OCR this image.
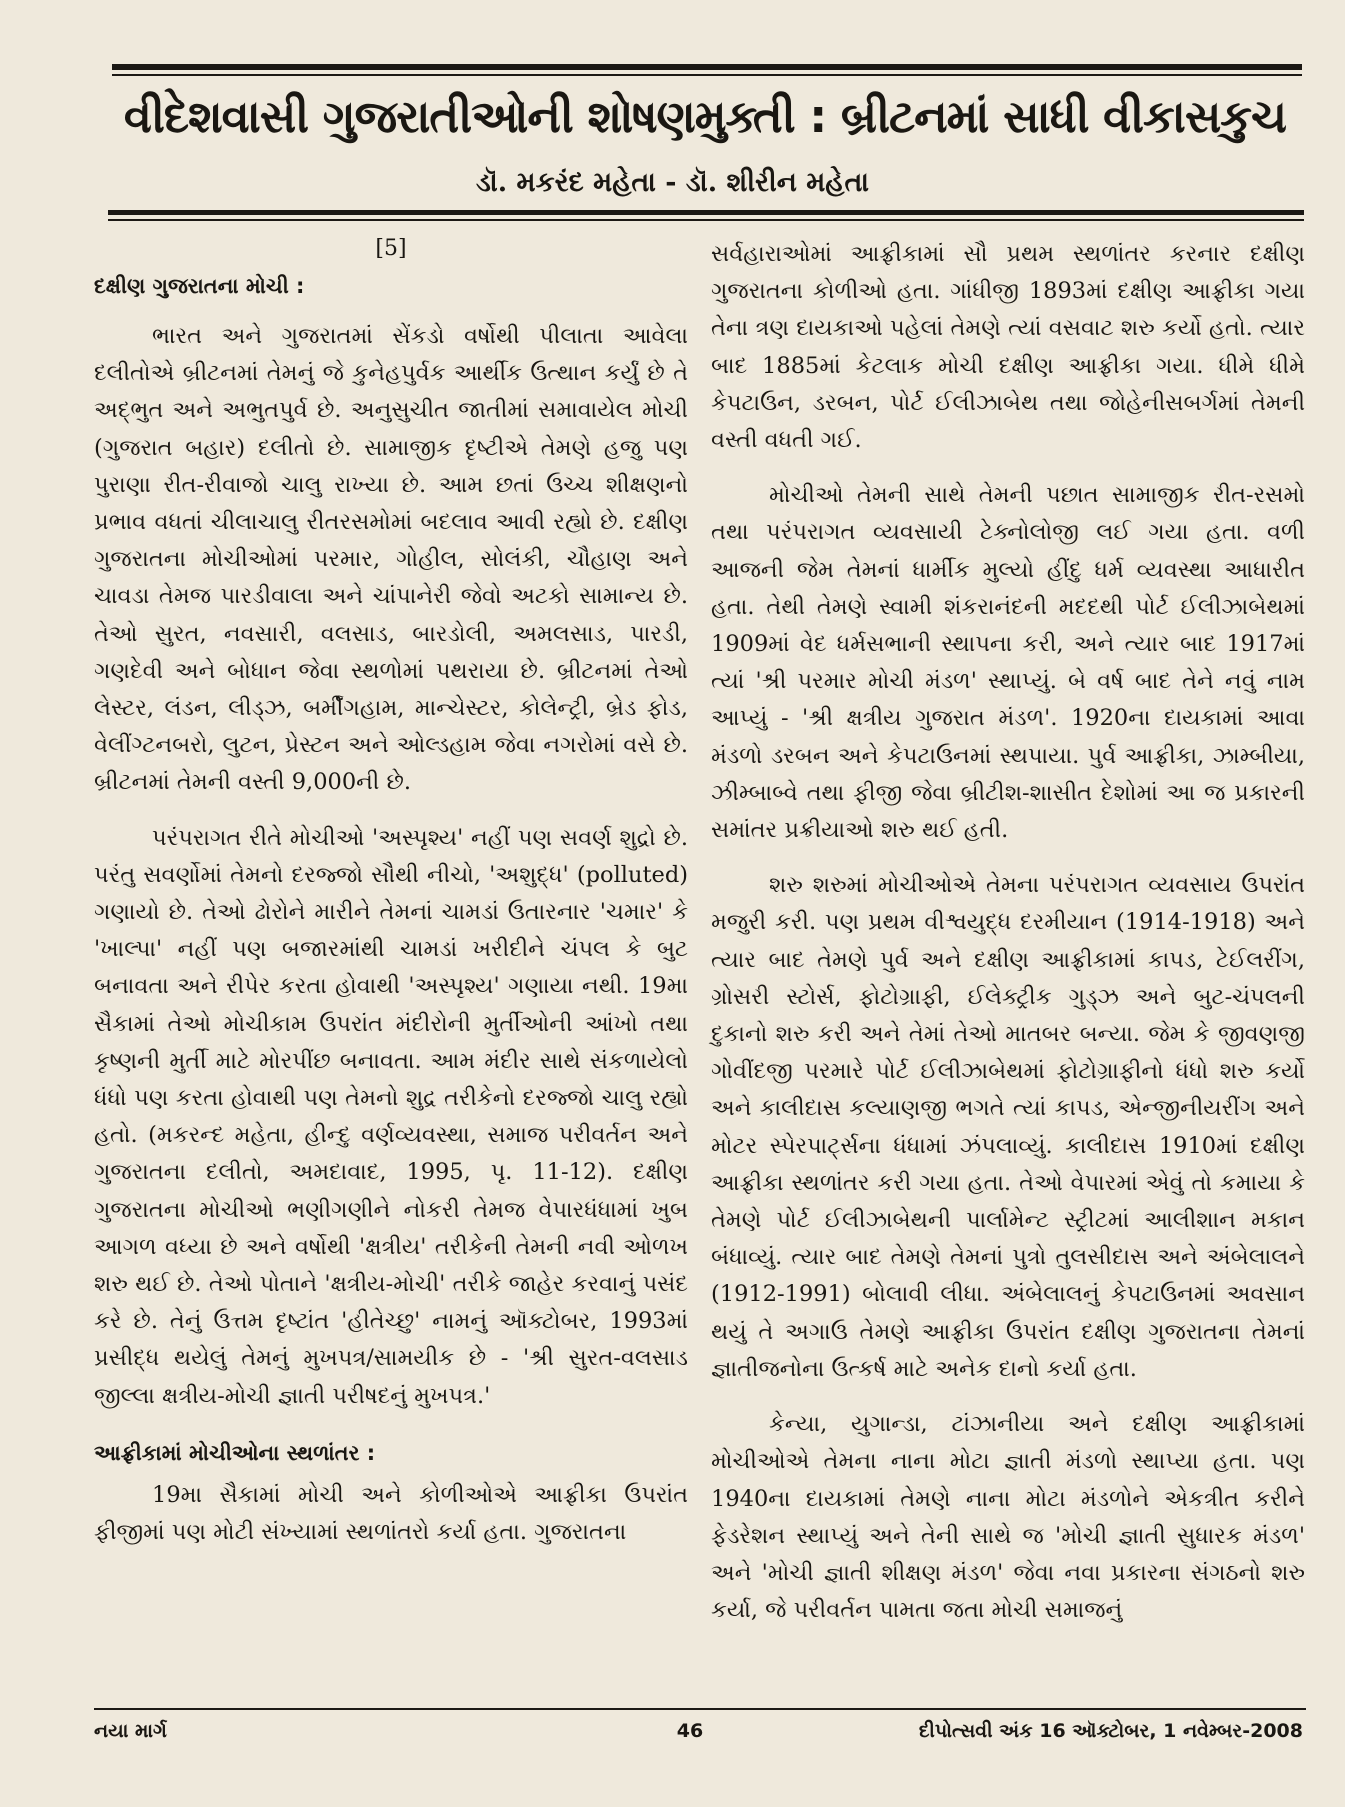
વીદેશવાસી ગુજરાતીઓની શોષણમુક્તી : બ્રીટનમાં સાધી વીકાસકુચ
ડૉ. મકરંદ મહેતા - ડૉ. શીરીન મહેતા
[5]
દક્ષીણ ગુજરાતના મોચી :

ભારત અને ગુજરાતમાં સેંકડો વર્ષોથી પીલાતા આવેલા દલીતોએ બ્રીટનમાં તેમનું જે કુનેહપુર્વક આર્થીક ઉત્થાન કર્યું છે તે અદ્ભુત અને અભુતપુર્વ છે. અનુસુચીત જાતીમાં સમાવાયેલ મોચી (ગુજરાત બહાર) દલીતો છે. સામાજીક દૃષ્ટીએ તેમણે હજુ પણ પુરાણા રીત-રીવાજો ચાલુ રાખ્યા છે. આમ છતાં ઉચ્ચ શીક્ષણનો પ્રભાવ વધતાં ચીલાચાલુ રીતરસમોમાં બદલાવ આવી રહ્યો છે. દક્ષીણ ગુજરાતના મોચીઓમાં પરમાર, ગોહીલ, સોલંકી, ચૌહાણ અને ચાવડા તેમજ પારડીવાલા અને ચાંપાનેરી જેવો અટકો સામાન્ય છે. તેઓ સુરત, નવસારી, વલસાડ, બારડોલી, અમલસાડ, પારડી, ગણદેવી અને બોધાન જેવા સ્થળોમાં પથરાયા છે. બ્રીટનમાં તેઓ લેસ્ટર, લંડન, લીડ્ઝ, બર્મીંગહામ, માન્ચેસ્ટર, કોલેન્ટ્રી, બ્રેડ ફોડ, વેલીંગ્ટનબરો, લુટન, પ્રેસ્ટન અને ઓલ્ડહામ જેવા નગરોમાં વસે છે. બ્રીટનમાં તેમની વસ્તી 9,000ની છે.

પરંપરાગત રીતે મોચીઓ 'અસ્પૃશ્ય' નહીં પણ સવર્ણ શુદ્રો છે. પરંતુ સવર્ણોમાં તેમનો દરજ્જો સૌથી નીચો, 'અશુદ્ધ' (polluted) ગણાયો છે. તેઓ ઢોરોને મારીને તેમનાં ચામડાં ઉતારનાર 'ચમાર' કે 'ખાલ્પા' નહીં પણ બજારમાંથી ચામડાં ખરીદીને ચંપલ કે બુટ બનાવતા અને રીપેર કરતા હોવાથી 'અસ્પૃશ્ય' ગણાયા નથી. 19મા સૈકામાં તેઓ મોચીકામ ઉપરાંત મંદીરોની મુર્તીઓની આંખો તથા કૃષ્ણની મુર્તી માટે મોરપીંછ બનાવતા. આમ મંદીર સાથે સંકળાયેલો ધંધો પણ કરતા હોવાથી પણ તેમનો શુદ્ર તરીકેનો દરજ્જો ચાલુ રહ્યો હતો. (મકરન્દ મહેતા, હીન્દુ વર્ણવ્યવસ્થા, સમાજ પરીવર્તન અને ગુજરાતના દલીતો, અમદાવાદ, 1995, પૃ. 11-12). દક્ષીણ ગુજરાતના મોચીઓ ભણીગણીને નોકરી તેમજ વેપારધંધામાં ખુબ આગળ વધ્યા છે અને વર્ષોથી 'ક્ષત્રીય' તરીકેની તેમની નવી ઓળખ શરુ થઈ છે. તેઓ પોતાને 'ક્ષત્રીય-મોચી' તરીકે જાહેર કરવાનું પસંદ કરે છે. તેનું ઉત્તમ દૃષ્ટાંત 'હીતેચ્છુ' નામનું ઑક્ટોબર, 1993માં પ્રસીદ્ધ થયેલું તેમનું મુખપત્ર/સામયીક છે - 'શ્રી સુરત-વલસાડ જીલ્લા ક્ષત્રીય-મોચી જ્ઞાતી પરીષદનું મુખપત્ર.'

આફ્રીકામાં મોચીઓના સ્થળાંતર :

19મા સૈકામાં મોચી અને કોળીઓએ આફ્રીકા ઉપરાંત ફીજીમાં પણ મોટી સંખ્યામાં સ્થળાંતરો કર્યા હતા. ગુજરાતના

સર્વહારાઓમાં આફ્રીકામાં સૌ પ્રથમ સ્થળાંતર કરનાર દક્ષીણ ગુજરાતના કોળીઓ હતા. ગાંધીજી 1893માં દક્ષીણ આફ્રીકા ગયા તેના ત્રણ દાયકાઓ પહેલાં તેમણે ત્યાં વસવાટ શરુ કર્યો હતો. ત્યાર બાદ 1885માં કેટલાક મોચી દક્ષીણ આફ્રીકા ગયા. ધીમે ધીમે કેપટાઉન, ડરબન, પોર્ટ ઈલીઝાબેથ તથા જોહેનીસબર્ગમાં તેમની વસ્તી વધતી ગઈ.

મોચીઓ તેમની સાથે તેમની પછાત સામાજીક રીત-રસમો તથા પરંપરાગત વ્યવસાયી ટેક્નોલોજી લઈ ગયા હતા. વળી આજની જેમ તેમનાં ધાર્મીક મુલ્યો હીંદુ ધર્મ વ્યવસ્થા આધારીત હતા. તેથી તેમણે સ્વામી શંકરાનંદની મદદથી પોર્ટ ઈલીઝાબેથમાં 1909માં વેદ ધર્મસભાની સ્થાપના કરી, અને ત્યાર બાદ 1917માં ત્યાં 'શ્રી પરમાર મોચી મંડળ' સ્થાપ્યું. બે વર્ષ બાદ તેને નવું નામ આપ્યું - 'શ્રી ક્ષત્રીય ગુજરાત મંડળ'. 1920ના દાયકામાં આવા મંડળો ડરબન અને કેપટાઉનમાં સ્થપાયા. પુર્વ આફ્રીકા, ઝામ્બીયા, ઝીમ્બાબ્વે તથા ફીજી જેવા બ્રીટીશ-શાસીત દેશોમાં આ જ પ્રકારની સમાંતર પ્રક્રીયાઓ શરુ થઈ હતી.

શરુ શરુમાં મોચીઓએ તેમના પરંપરાગત વ્યવસાય ઉપરાંત મજુરી કરી. પણ પ્રથમ વીશ્વયુદ્ધ દરમીયાન (1914-1918) અને ત્યાર બાદ તેમણે પુર્વ અને દક્ષીણ આફ્રીકામાં કાપડ, ટેઈલરીંગ, ગ્રોસરી સ્ટોર્સ, ફોટોગ્રાફી, ઈલેક્ટ્રીક ગુડ્ઝ અને બુટ-ચંપલની દુકાનો શરુ કરી અને તેમાં તેઓ માતબર બન્યા. જેમ કે જીવણજી ગોવીંદજી પરમારે પોર્ટ ઈલીઝાબેથમાં ફોટોગ્રાફીનો ધંધો શરુ કર્યો અને કાલીદાસ કલ્યાણજી ભગતે ત્યાં કાપડ, એન્જીનીયરીંગ અને મોટર સ્પેરપાર્ટ્સના ધંધામાં ઝંપલાવ્યું. કાલીદાસ 1910માં દક્ષીણ આફ્રીકા સ્થળાંતર કરી ગયા હતા. તેઓ વેપારમાં એવું તો કમાયા કે તેમણે પોર્ટ ઈલીઝાબેથની પાર્લામેન્ટ સ્ટ્રીટમાં આલીશાન મકાન બંધાવ્યું. ત્યાર બાદ તેમણે તેમનાં પુત્રો તુલસીદાસ અને અંબેલાલને (1912-1991) બોલાવી લીધા. અંબેલાલનું કેપટાઉનમાં અવસાન થયું તે અગાઉ તેમણે આફ્રીકા ઉપરાંત દક્ષીણ ગુજરાતના તેમનાં જ્ઞાતીજનોના ઉત્કર્ષ માટે અનેક દાનો કર્યા હતા.

કેન્યા, યુગાન્ડા, ટાંઝાનીયા અને દક્ષીણ આફ્રીકામાં મોચીઓએ તેમના નાના મોટા જ્ઞાતી મંડળો સ્થાપ્યા હતા. પણ 1940ના દાયકામાં તેમણે નાના મોટા મંડળોને એકત્રીત કરીને ફેડરેશન સ્થાપ્યું અને તેની સાથે જ 'મોચી જ્ઞાતી સુધારક મંડળ' અને 'મોચી જ્ઞાતી શીક્ષણ મંડળ' જેવા નવા પ્રકારના સંગઠનો શરુ કર્યા, જે પરીવર્તન પામતા જતા મોચી સમાજનું

નયા માર્ગ	46	દીપોત્સવી અંક 16 ઑક્ટોબર, 1 નવેમ્બર-2008
